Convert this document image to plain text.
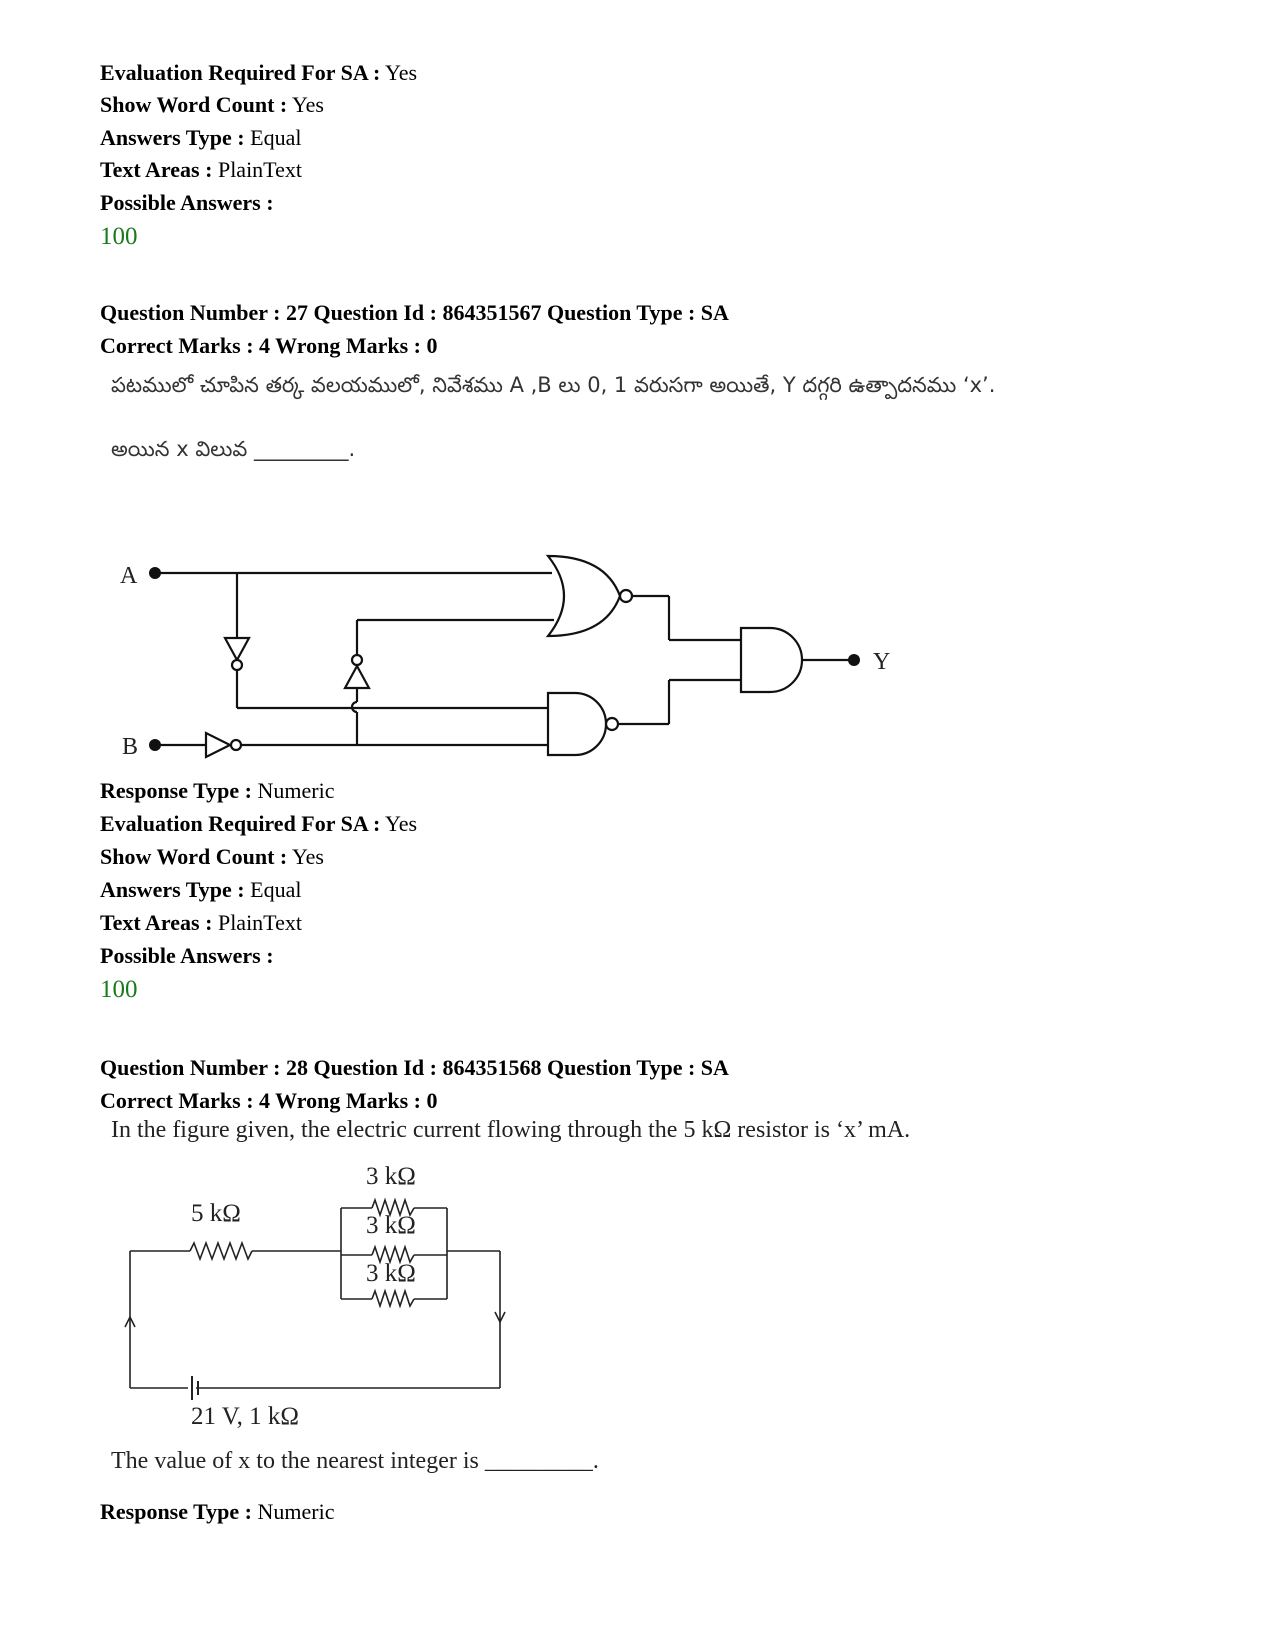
Evaluation Required For SA : Yes
Show Word Count : Yes
Answers Type : Equal
Text Areas : PlainText
Possible Answers :
100
Question Number : 27 Question Id : 864351567 Question Type : SA
Correct Marks : 4 Wrong Marks : 0
పటములో చూపిన తర్క వలయములో, నివేశము A ,B లు 0, 1 వరుసగా అయితే, Y దగ్గరి ఉత్పాదనము ‘x’.
అయిన x విలువ _________.
A
B
Y
Response Type : Numeric
Evaluation Required For SA : Yes
Show Word Count : Yes
Answers Type : Equal
Text Areas : PlainText
Possible Answers :
100
Question Number : 28 Question Id : 864351568 Question Type : SA
Correct Marks : 4 Wrong Marks : 0
In the figure given, the electric current flowing through the 5 kΩ resistor is ‘x’ mA.
5 kΩ
3 kΩ
3 kΩ
3 kΩ
21 V, 1 kΩ
The value of x to the nearest integer is _________.
Response Type : Numeric
